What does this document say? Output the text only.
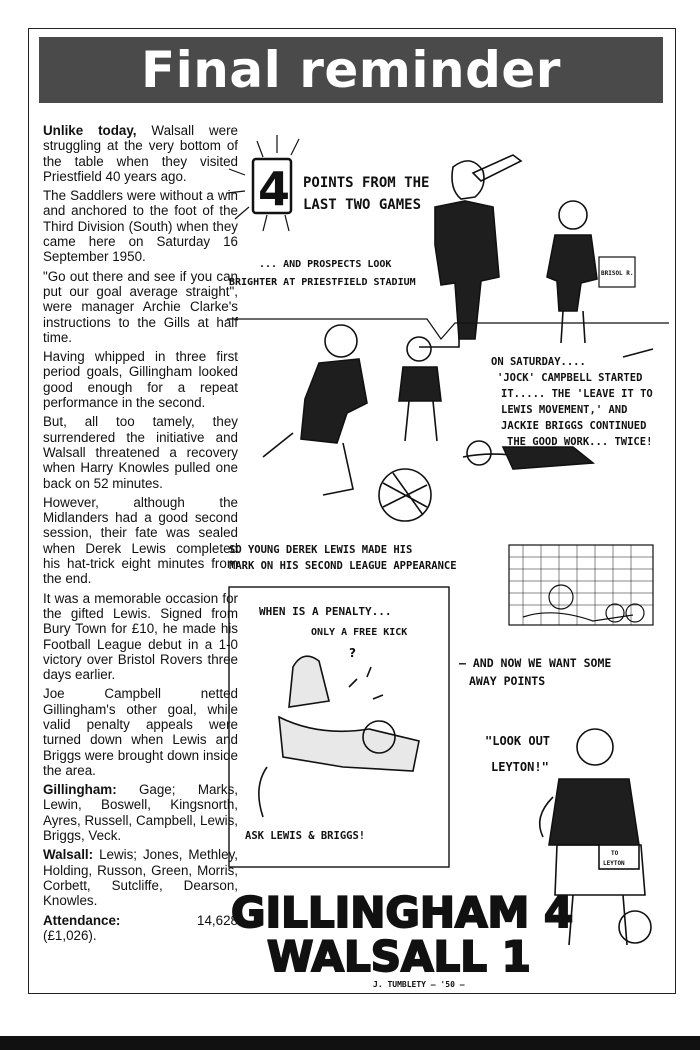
Final reminder

Unlike today, Walsall were struggling at the very bottom of the table when they visited Priestfield 40 years ago.

The Saddlers were without a win and anchored to the foot of the Third Division (South) when they came here on Saturday 16 September 1950.

"Go out there and see if you can put our goal average straight", were manager Archie Clarke's instructions to the Gills at half time.

Having whipped in three first period goals, Gillingham looked good enough for a repeat performance in the second.

But, all too tamely, they surrendered the initiative and Walsall threatened a recovery when Harry Knowles pulled one back on 52 minutes.

However, although the Midlanders had a good second session, their fate was sealed when Derek Lewis completed his hat-trick eight minutes from the end.

It was a memorable occasion for the gifted Lewis. Signed from Bury Town for £10, he made his Football League debut in a 1-0 victory over Bristol Rovers three days earlier.

Joe Campbell netted Gillingham's other goal, while valid penalty appeals were turned down when Lewis and Briggs were brought down inside the area.

Gillingham: Gage; Marks, Lewin, Boswell, Kingsnorth, Ayres, Russell, Campbell, Lewis, Briggs, Veck.

Walsall: Lewis; Jones, Methley, Holding, Russon, Green, Morris, Corbett, Sutcliffe, Dearson, Knowles.

Attendance:	14,628
(£1,026).

4 POINTS FROM THE
LAST TWO GAMES
... AND PROSPECTS LOOK
BRIGHTER AT PRIESTFIELD STADIUM
BRISOL R.
ON SATURDAY....
'JOCK' CAMPBELL STARTED
IT..... THE 'LEAVE IT TO
LEWIS MOVEMENT,' AND
JACKIE BRIGGS CONTINUED
THE GOOD WORK... TWICE!
SO YOUNG DEREK LEWIS MADE HIS
MARK ON HIS SECOND LEAGUE APPEARANCE
WHEN IS A PENALTY...
ONLY A FREE KICK
?
ASK LEWIS & BRIGGS!
— AND NOW WE WANT SOME
AWAY POINTS
"LOOK OUT
LEYTON!"
TO
LEYTON
GILLINGHAM 4
WALSALL 1
J. TUMBLETY — '50 —
